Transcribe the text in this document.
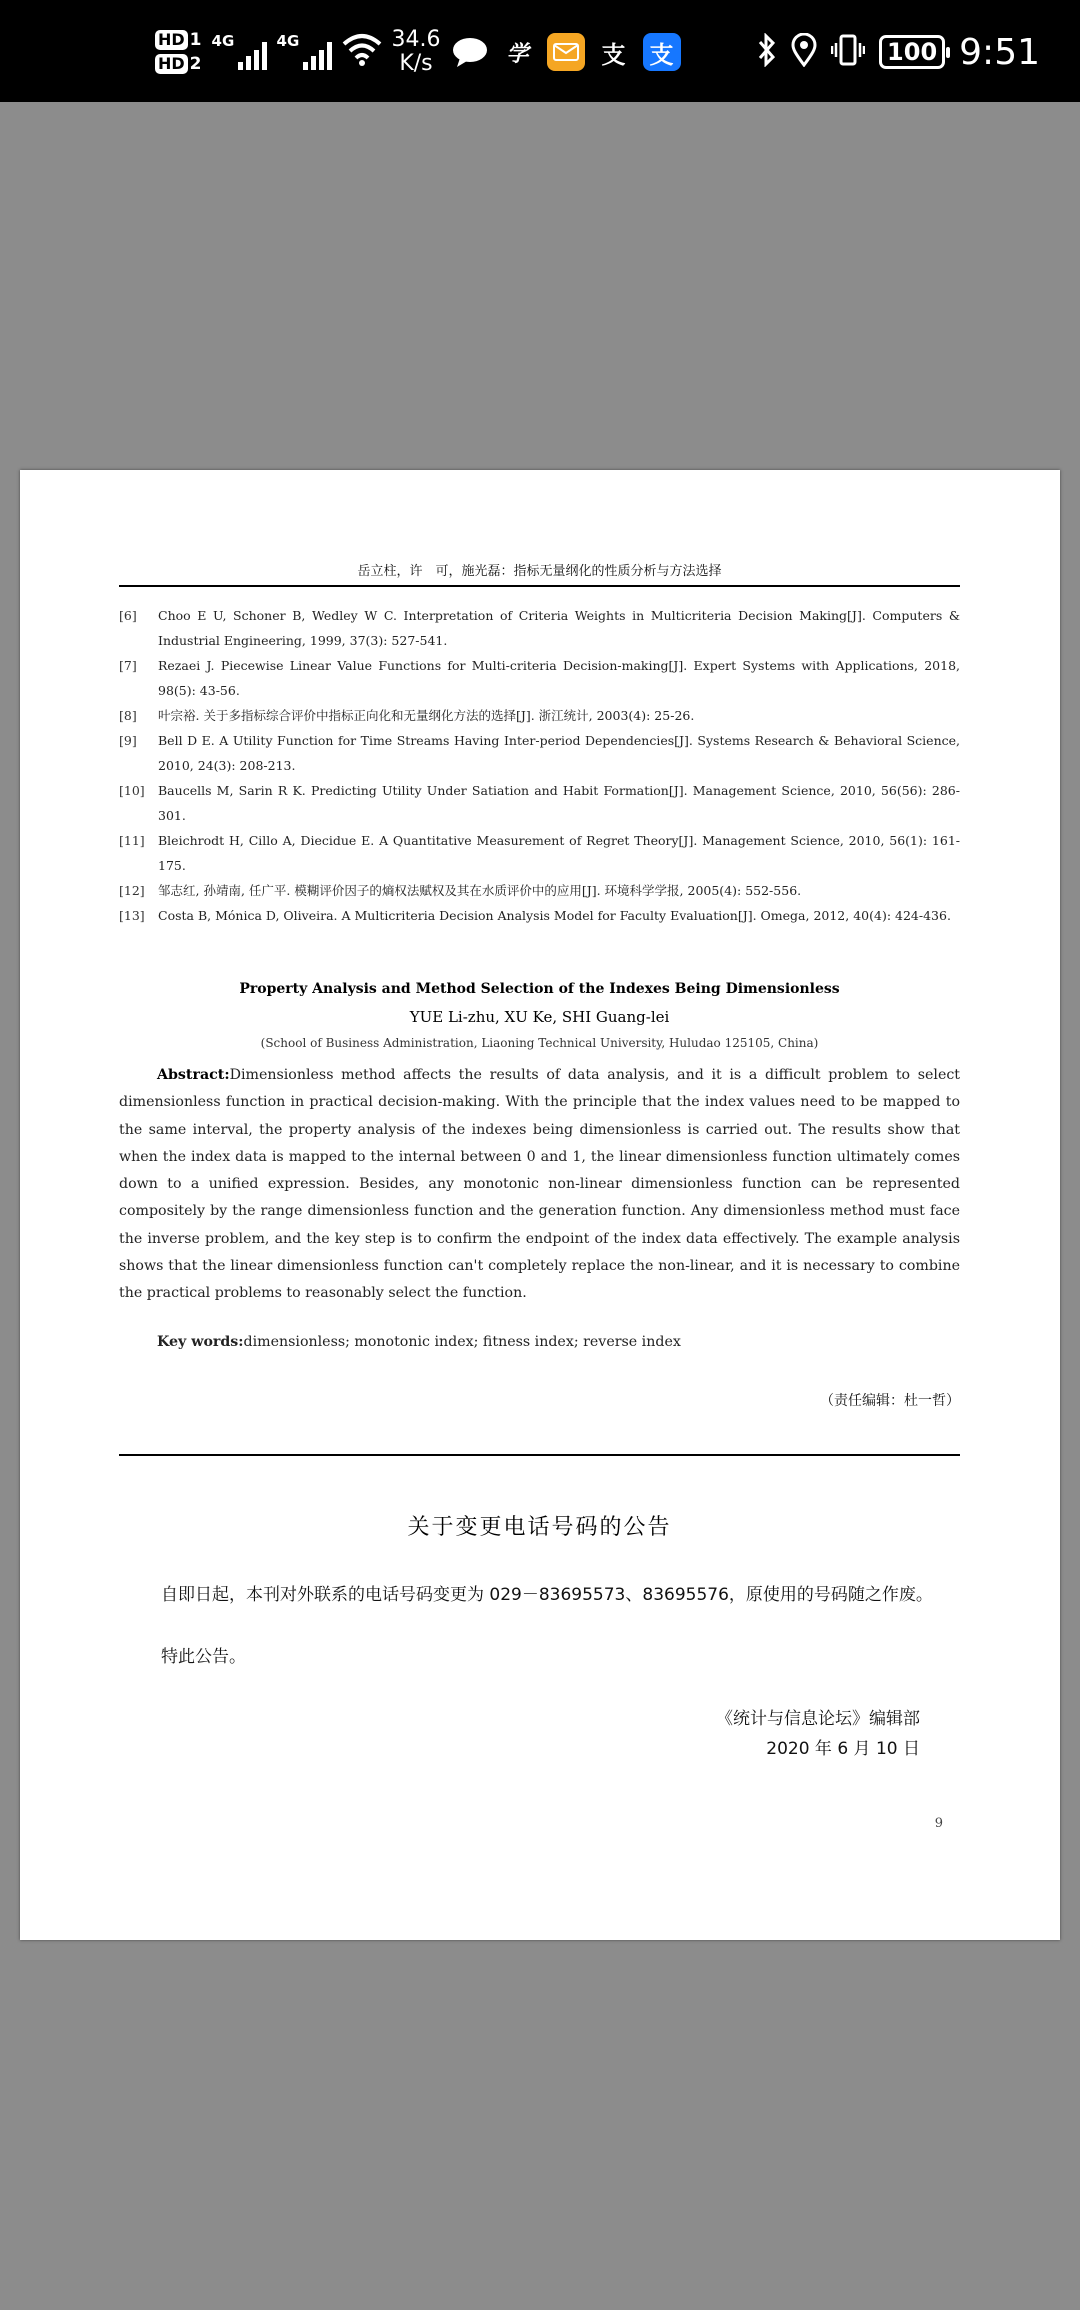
HD 1
HD 2
4G	4G	34.6
K/s	学	支 支	100 9:51
岳立柱，许　可，施光磊：指标无量纲化的性质分析与方法选择
[6]	Choo E U, Schoner B, Wedley W C. Interpretation of Criteria Weights in Multicriteria Decision Making[J]. Computers & Industrial Engineering, 1999, 37(3): 527-541.
[7]	Rezaei J. Piecewise Linear Value Functions for Multi-criteria Decision-making[J]. Expert Systems with Applications, 2018, 98(5): 43-56.
[8]	叶宗裕. 关于多指标综合评价中指标正向化和无量纲化方法的选择[J]. 浙江统计, 2003(4): 25-26.
[9]	Bell D E. A Utility Function for Time Streams Having Inter-period Dependencies[J]. Systems Research & Behavioral Science, 2010, 24(3): 208-213.
[10]	Baucells M, Sarin R K. Predicting Utility Under Satiation and Habit Formation[J]. Management Science, 2010, 56(56): 286-301.
[11]	Bleichrodt H, Cillo A, Diecidue E. A Quantitative Measurement of Regret Theory[J]. Management Science, 2010, 56(1): 161-175.
[12]	邹志红, 孙靖南, 任广平. 模糊评价因子的熵权法赋权及其在水质评价中的应用[J]. 环境科学学报, 2005(4): 552-556.
[13]	Costa B, Mónica D, Oliveira. A Multicriteria Decision Analysis Model for Faculty Evaluation[J]. Omega, 2012, 40(4): 424-436.
Property Analysis and Method Selection of the Indexes Being Dimensionless
YUE Li-zhu, XU Ke, SHI Guang-lei
(School of Business Administration, Liaoning Technical University, Huludao 125105, China)
Abstract:Dimensionless method affects the results of data analysis, and it is a difficult problem to select dimensionless function in practical decision-making. With the principle that the index values need to be mapped to the same interval, the property analysis of the indexes being dimensionless is carried out. The results show that when the index data is mapped to the internal between 0 and 1, the linear dimensionless function ultimately comes down to a unified expression. Besides, any monotonic non-linear dimensionless function can be represented compositely by the range dimensionless function and the generation function. Any dimensionless method must face the inverse problem, and the key step is to confirm the endpoint of the index data effectively. The example analysis shows that the linear dimensionless function can't completely replace the non-linear, and it is necessary to combine the practical problems to reasonably select the function.
Key words:dimensionless; monotonic index; fitness index; reverse index
（责任编辑：杜一哲）
关于变更电话号码的公告
自即日起，本刊对外联系的电话号码变更为 029－83695573、83695576，原使用的号码随之作废。
特此公告。
《统计与信息论坛》编辑部
2020 年 6 月 10 日
9
